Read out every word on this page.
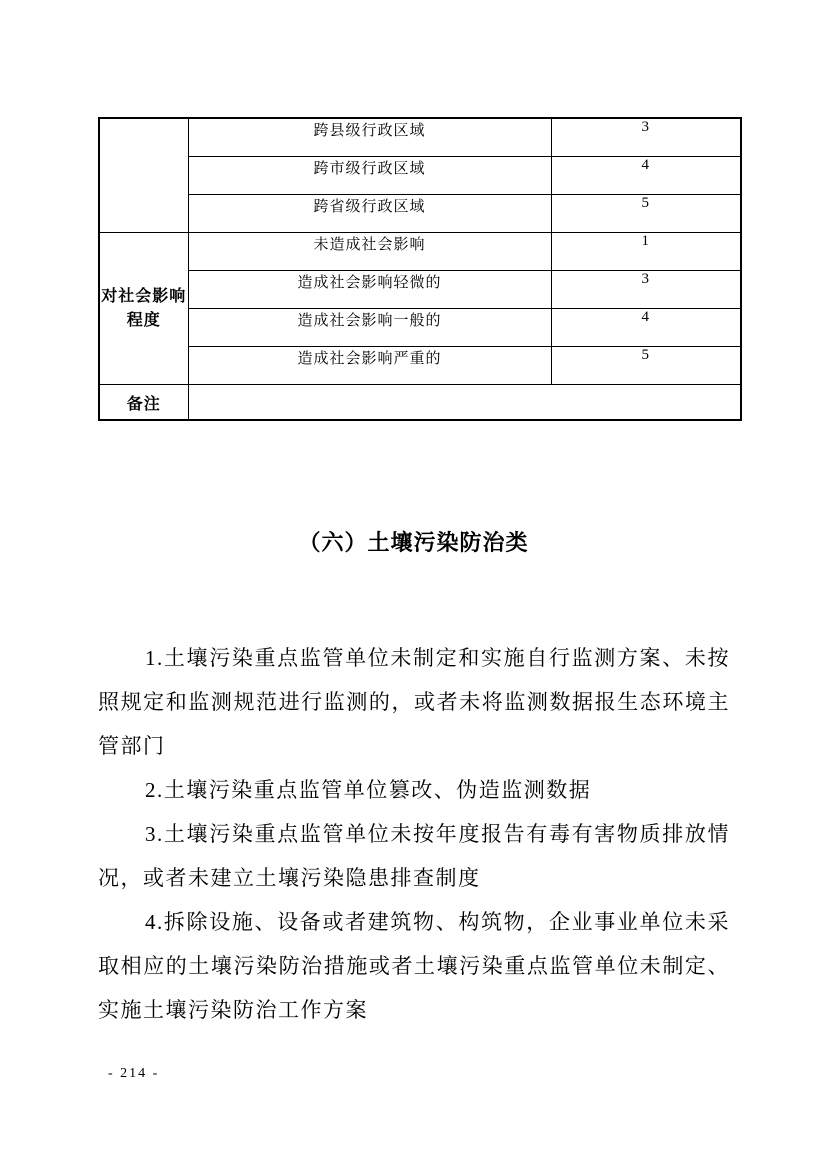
	跨县级行政区域	3
	跨市级行政区域	4
	跨省级行政区域	5
对社会影响程度	未造成社会影响	1
	造成社会影响轻微的	3
	造成社会影响一般的	4
	造成社会影响严重的	5
备注		
（六）土壤污染防治类

1.土壤污染重点监管单位未制定和实施自行监测方案、未按照规定和监测规范进行监测的，或者未将监测数据报生态环境主管部门

2.土壤污染重点监管单位篡改、伪造监测数据

3.土壤污染重点监管单位未按年度报告有毒有害物质排放情况，或者未建立土壤污染隐患排查制度

4.拆除设施、设备或者建筑物、构筑物，企业事业单位未采取相应的土壤污染防治措施或者土壤污染重点监管单位未制定、实施土壤污染防治工作方案

- 214 -
